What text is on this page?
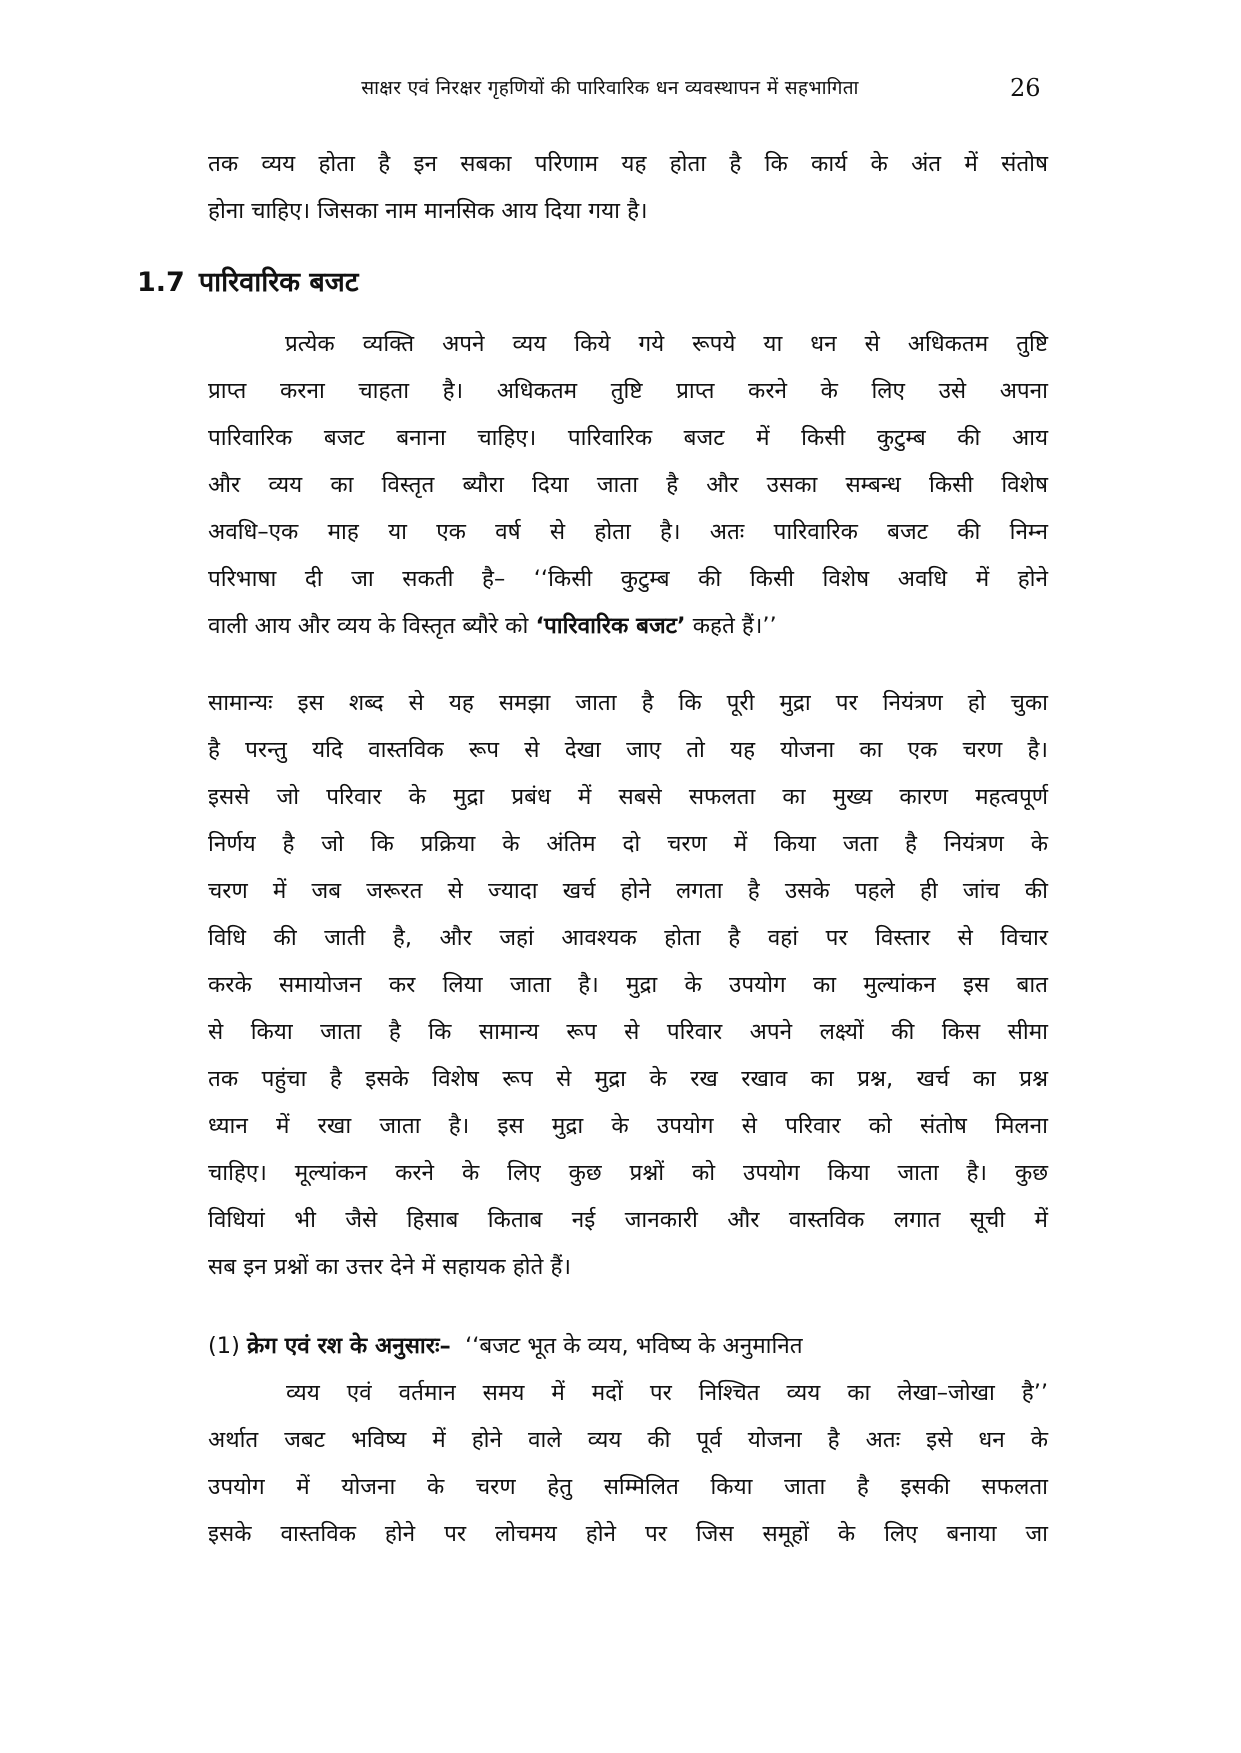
साक्षर एवं निरक्षर गृहणियों की पारिवारिक धन व्यवस्थापन में सहभागिता	26
तक व्यय होता है इन सबका परिणाम यह होता है कि कार्य के अंत में संतोष
होना चाहिए। जिसका नाम मानसिक आय दिया गया है।
1.7 पारिवारिक बजट
प्रत्येक व्यक्ति अपने व्यय किये गये रूपये या धन से अधिकतम तुष्टि
प्राप्त करना चाहता है। अधिकतम तुष्टि प्राप्त करने के लिए उसे अपना
पारिवारिक बजट बनाना चाहिए। पारिवारिक बजट में किसी कुटुम्ब की आय
और व्यय का विस्तृत ब्यौरा दिया जाता है और उसका सम्बन्ध किसी विशेष
अवधि–एक माह या एक वर्ष से होता है। अतः पारिवारिक बजट की निम्न
परिभाषा दी जा सकती है– ‘‘किसी कुटुम्ब की किसी विशेष अवधि में होने
वाली आय और व्यय के विस्तृत ब्यौरे को ‘पारिवारिक बजट’ कहते हैं।’’
सामान्यः इस शब्द से यह समझा जाता है कि पूरी मुद्रा पर नियंत्रण हो चुका
है परन्तु यदि वास्तविक रूप से देखा जाए तो यह योजना का एक चरण है।
इससे जो परिवार के मुद्रा प्रबंध में सबसे सफलता का मुख्य कारण महत्वपूर्ण
निर्णय है जो कि प्रक्रिया के अंतिम दो चरण में किया जता है नियंत्रण के
चरण में जब जरूरत से ज्यादा खर्च होने लगता है उसके पहले ही जांच की
विधि की जाती है, और जहां आवश्यक होता है वहां पर विस्तार से विचार
करके समायोजन कर लिया जाता है। मुद्रा के उपयोग का मुल्यांकन इस बात
से किया जाता है कि सामान्य रूप से परिवार अपने लक्ष्यों की किस सीमा
तक पहुंचा है इसके विशेष रूप से मुद्रा के रख रखाव का प्रश्न, खर्च का प्रश्न
ध्यान में रखा जाता है। इस मुद्रा के उपयोग से परिवार को संतोष मिलना
चाहिए। मूल्यांकन करने के लिए कुछ प्रश्नों को उपयोग किया जाता है। कुछ
विधियां भी जैसे हिसाब किताब नई जानकारी और वास्तविक लगात सूची में
सब इन प्रश्नों का उत्तर देने में सहायक होते हैं।
(1) क्रेग एवं रश के अनुसारः– ‘‘बजट भूत के व्यय, भविष्य के अनुमानित
व्यय एवं वर्तमान समय में मदों पर निश्चित व्यय का लेखा–जोखा है’’
अर्थात जबट भविष्य में होने वाले व्यय की पूर्व योजना है अतः इसे धन के
उपयोग में योजना के चरण हेतु सम्मिलित किया जाता है इसकी सफलता
इसके वास्तविक होने पर लोचमय होने पर जिस समूहों के लिए बनाया जा
